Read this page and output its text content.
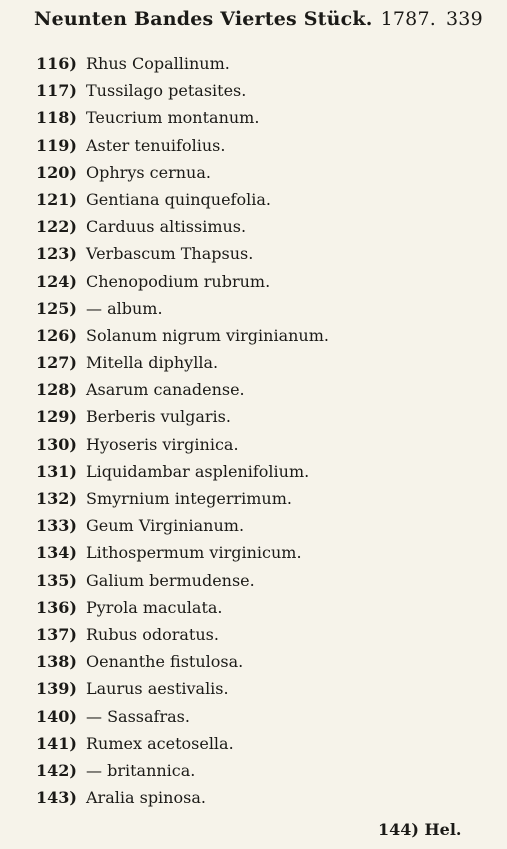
Neunten Bandes Viertes Stück. 1787. 339
116) Rhus Copallinum.
117) Tussilago petasites.
118) Teucrium montanum.
119) Aster tenuifolius.
120) Ophrys cernua.
121) Gentiana quinquefolia.
122) Carduus altissimus.
123) Verbascum Thapsus.
124) Chenopodium rubrum.
125) — album.
126) Solanum nigrum virginianum.
127) Mitella diphylla.
128) Asarum canadense.
129) Berberis vulgaris.
130) Hyoseris virginica.
131) Liquidambar asplenifolium.
132) Smyrnium integerrimum.
133) Geum Virginianum.
134) Lithospermum virginicum.
135) Galium bermudense.
136) Pyrola maculata.
137) Rubus odoratus.
138) Oenanthe fistulosa.
139) Laurus aestivalis.
140) — Sassafras.
141) Rumex acetosella.
142) — britannica.
143) Aralia spinosa.
144) Hel.
